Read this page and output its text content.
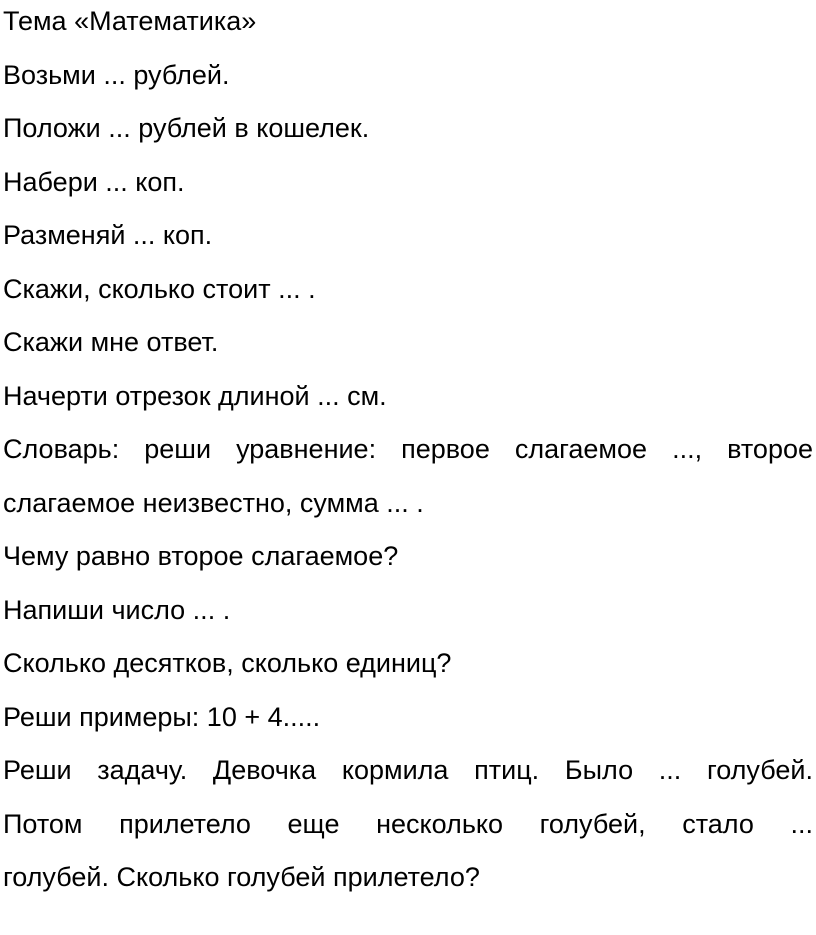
Тема «Математика»
Возьми ... рублей.
Положи ... рублей в кошелек.
Набери ... коп.
Разменяй ... коп.
Скажи, сколько стоит ... .
Скажи мне ответ.
Начерти отрезок длиной ... см.
Словарь: реши уравнение: первое слагаемое ..., второе
слагаемое неизвестно, сумма ... .
Чему равно второе слагаемое?
Напиши число ... .
Сколько десятков, сколько единиц?
Реши примеры: 10 + 4.....
Реши задачу. Девочка кормила птиц. Было ... голубей.
Потом прилетело еще несколько голубей, стало ...
голубей. Сколько голубей прилетело?
